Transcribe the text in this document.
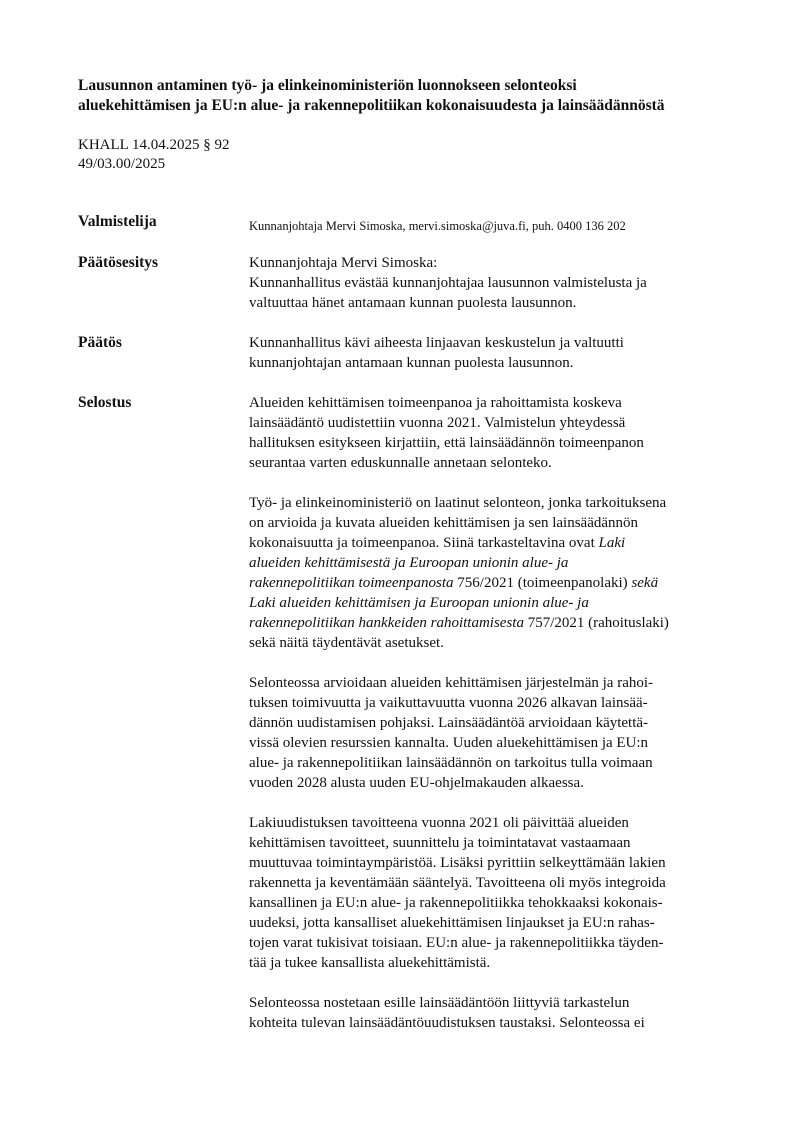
Lausunnon antaminen työ- ja elinkeinoministeriön luonnokseen selonteoksi
aluekehittämisen ja EU:n alue- ja rakennepolitiikan kokonaisuudesta ja lainsäädännöstä
KHALL 14.04.2025 § 92
49/03.00/2025
Valmistelija	Kunnanjohtaja Mervi Simoska, mervi.simoska@juva.fi, puh. 0400 136 202
Päätösesitys	Kunnanjohtaja Mervi Simoska:
Kunnanhallitus evästää kunnanjohtajaa lausunnon valmistelusta ja
valtuuttaa hänet antamaan kunnan puolesta lausunnon.
Päätös	Kunnanhallitus kävi aiheesta linjaavan keskustelun ja valtuutti
kunnanjohtajan antamaan kunnan puolesta lausunnon.
Selostus	Alueiden kehittämisen toimeenpanoa ja rahoittamista koskeva
lainsäädäntö uudistettiin vuonna 2021. Valmistelun yhteydessä
hallituksen esitykseen kirjattiin, että lainsäädännön toimeenpanon
seurantaa varten eduskunnalle annetaan selonteko.
Työ- ja elinkeinoministeriö on laatinut selonteon, jonka tarkoituksena
on arvioida ja kuvata alueiden kehittämisen ja sen lainsäädännön
kokonaisuutta ja toimeenpanoa. Siinä tarkasteltavina ovat Laki
alueiden kehittämisestä ja Euroopan unionin alue- ja
rakennepolitiikan toimeenpanosta 756/2021 (toimeenpanolaki) sekä
Laki alueiden kehittämisen ja Euroopan unionin alue- ja
rakennepolitiikan hankkeiden rahoittamisesta 757/2021 (rahoituslaki)
sekä näitä täydentävät asetukset.
Selonteossa arvioidaan alueiden kehittämisen järjestelmän ja rahoi-
tuksen toimivuutta ja vaikuttavuutta vuonna 2026 alkavan lainsää-
dännön uudistamisen pohjaksi. Lainsäädäntöä arvioidaan käytettä-
vissä olevien resurssien kannalta. Uuden aluekehittämisen ja EU:n
alue- ja rakennepolitiikan lainsäädännön on tarkoitus tulla voimaan
vuoden 2028 alusta uuden EU-ohjelmakauden alkaessa.
Lakiuudistuksen tavoitteena vuonna 2021 oli päivittää alueiden
kehittämisen tavoitteet, suunnittelu ja toimintatavat vastaamaan
muuttuvaa toimintaympäristöä. Lisäksi pyrittiin selkeyttämään lakien
rakennetta ja keventämään sääntelyä. Tavoitteena oli myös integroida
kansallinen ja EU:n alue- ja rakennepolitiikka tehokkaaksi kokonais-
uudeksi, jotta kansalliset aluekehittämisen linjaukset ja EU:n rahas-
tojen varat tukisivat toisiaan. EU:n alue- ja rakennepolitiikka täyden-
tää ja tukee kansallista aluekehittämistä.
Selonteossa nostetaan esille lainsäädäntöön liittyviä tarkastelun
kohteita tulevan lainsäädäntöuudistuksen taustaksi. Selonteossa ei
